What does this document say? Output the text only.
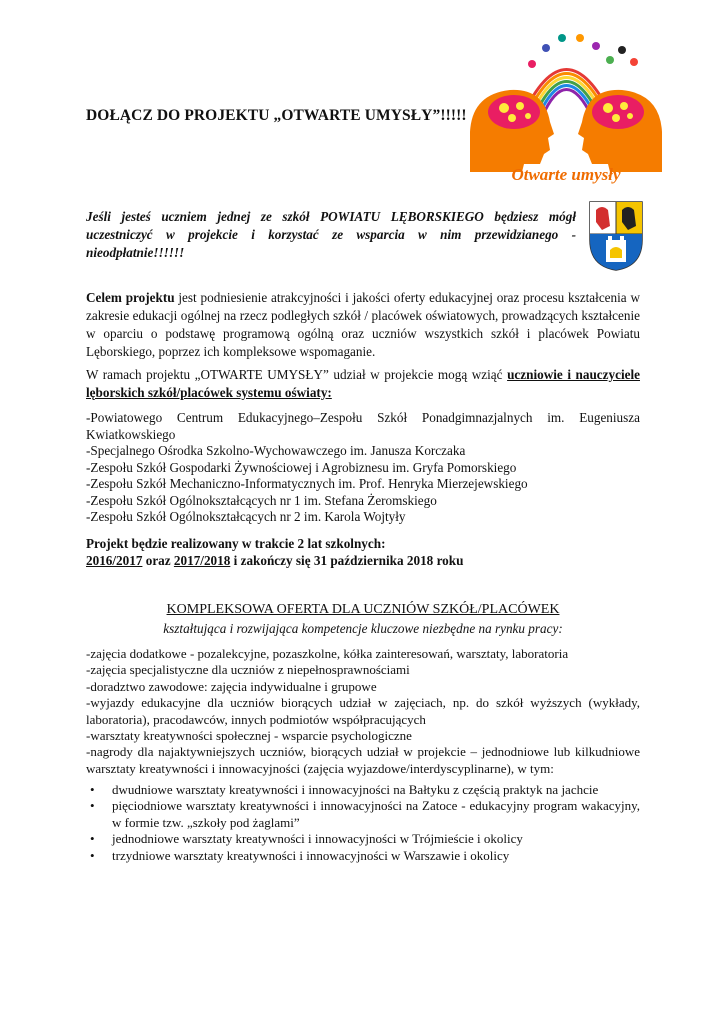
DOŁĄCZ DO PROJEKTU „OTWARTE UMYSŁY”!!!!!
Otwarte umysły
Jeśli jesteś uczniem jednej ze szkół POWIATU LĘBORSKIEGO będziesz mógł uczestniczyć w projekcie i korzystać ze wsparcia w nim przewidzianego - nieodpłatnie!!!!!!
Celem projektu jest podniesienie atrakcyjności i jakości oferty edukacyjnej oraz procesu kształcenia w zakresie edukacji ogólnej na rzecz podległych szkół / placówek oświatowych, prowadzących kształcenie w oparciu o podstawę programową ogólną oraz uczniów wszystkich szkół i placówek Powiatu Lęborskiego, poprzez ich kompleksowe wspomaganie.
W ramach projektu „OTWARTE UMYSŁY” udział w projekcie mogą wziąć uczniowie i nauczyciele lęborskich szkół/placówek systemu oświaty:
-Powiatowego Centrum Edukacyjnego–Zespołu Szkół Ponadgimnazjalnych im. Eugeniusza Kwiatkowskiego
-Specjalnego Ośrodka Szkolno-Wychowawczego im. Janusza Korczaka
-Zespołu Szkół Gospodarki Żywnościowej i Agrobiznesu im. Gryfa Pomorskiego
-Zespołu Szkół Mechaniczno-Informatycznych im. Prof. Henryka Mierzejewskiego
-Zespołu Szkół Ogólnokształcących nr 1 im. Stefana Żeromskiego
-Zespołu Szkół Ogólnokształcących nr 2 im. Karola Wojtyły
Projekt będzie realizowany w trakcie 2 lat szkolnych:
2016/2017 oraz 2017/2018 i zakończy się 31 października 2018 roku
KOMPLEKSOWA OFERTA DLA UCZNIÓW SZKÓŁ/PLACÓWEK
kształtująca i rozwijająca kompetencje kluczowe niezbędne na rynku pracy:
-zajęcia dodatkowe - pozalekcyjne, pozaszkolne, kółka zainteresowań, warsztaty, laboratoria
-zajęcia specjalistyczne dla uczniów z niepełnosprawnościami
-doradztwo zawodowe: zajęcia indywidualne i grupowe
-wyjazdy edukacyjne dla uczniów biorących udział w zajęciach, np. do szkół wyższych (wykłady, laboratoria), pracodawców, innych podmiotów współpracujących
-warsztaty kreatywności społecznej - wsparcie psychologiczne
-nagrody dla najaktywniejszych uczniów, biorących udział w projekcie – jednodniowe lub kilkudniowe warsztaty kreatywności i innowacyjności (zajęcia wyjazdowe/interdyscyplinarne), w tym:
• dwudniowe warsztaty kreatywności i innowacyjności na Bałtyku z częścią praktyk na jachcie
• pięciodniowe warsztaty kreatywności i innowacyjności na Zatoce - edukacyjny program wakacyjny, w formie tzw. „szkoły pod żaglami”
• jednodniowe warsztaty kreatywności i innowacyjności w Trójmieście i okolicy
• trzydniowe warsztaty kreatywności i innowacyjności w Warszawie i okolicy
